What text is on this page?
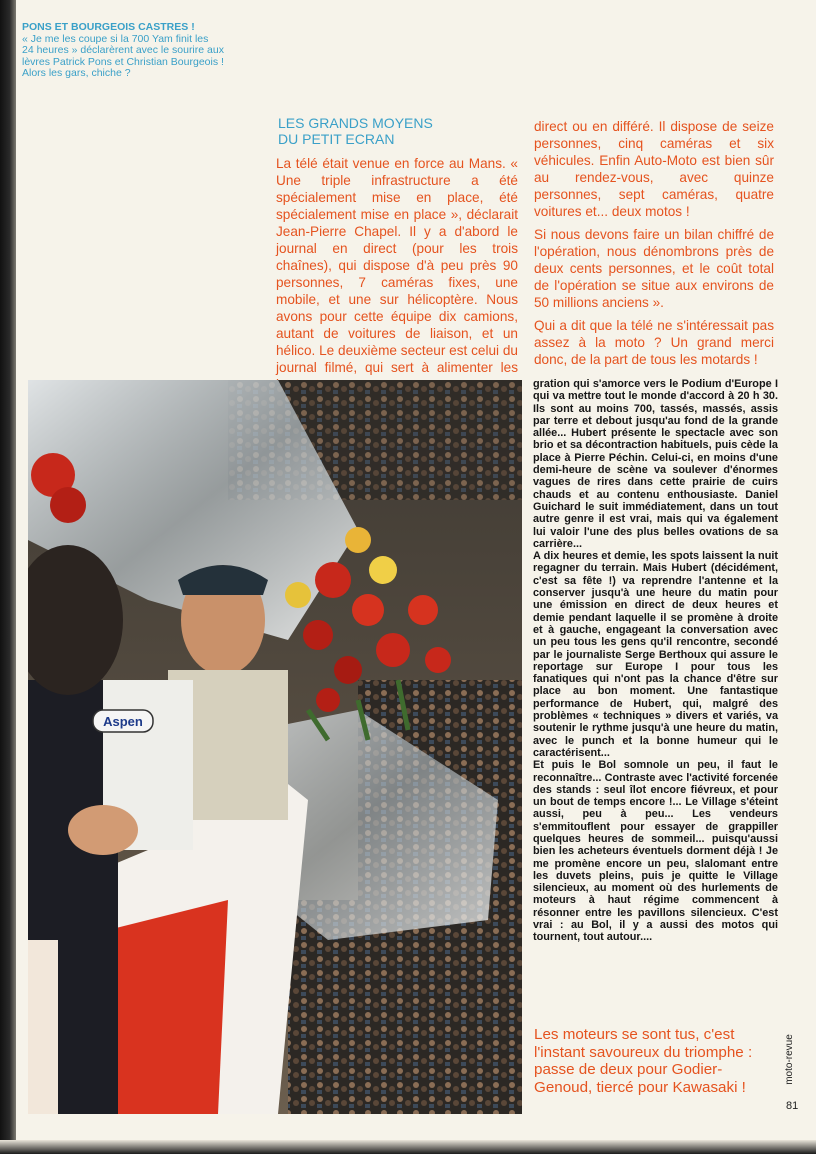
PONS ET BOURGEOIS CASTRES !
« Je me les coupe si la 700 Yam finit les
24 heures » déclarèrent avec le sourire aux
lèvres Patrick Pons et Christian Bourgeois !
Alors les gars, chiche ?
LES GRANDS MOYENS
DU PETIT ECRAN

La télé était venue en force au Mans. « Une triple infrastructure a été spécialement mise en place, été spécialement mise en place », déclarait Jean-Pierre Chapel. Il y a d'abord le journal en direct (pour les trois chaînes), qui dispose d'à peu près 90 personnes, 7 caméras fixes, une mobile, et une sur hélicoptère. Nous avons pour cette équipe dix camions, autant de voitures de liaison, et un hélico. Le deuxième secteur est celui du journal filmé, qui sert à alimenter les

direct ou en différé. Il dispose de seize personnes, cinq caméras et six véhicules. Enfin Auto-Moto est bien sûr au rendez-vous, avec quinze personnes, sept caméras, quatre voitures et... deux motos !

Si nous devons faire un bilan chiffré de l'opération, nous dénombrons près de deux cents personnes, et le coût total de l'opération se situe aux environs de 50 millions anciens ».

Qui a dit que la télé ne s'intéressait pas assez à la moto ? Un grand merci donc, de la part de tous les motards !

Aspen

gration qui s'amorce vers le Podium d'Europe I qui va mettre tout le monde d'accord à 20 h 30. Ils sont au moins 700, tassés, massés, assis par terre et debout jusqu'au fond de la grande allée... Hubert présente le spectacle avec son brio et sa décontraction habituels, puis cède la place à Pierre Péchin. Celui-ci, en moins d'une demi-heure de scène va soulever d'énormes vagues de rires dans cette prairie de cuirs chauds et au contenu enthousiaste. Daniel Guichard le suit immédiatement, dans un tout autre genre il est vrai, mais qui va également lui valoir l'une des plus belles ovations de sa carrière...

A dix heures et demie, les spots laissent la nuit regagner du terrain. Mais Hubert (décidément, c'est sa fête !) va reprendre l'antenne et la conserver jusqu'à une heure du matin pour une émission en direct de deux heures et demie pendant laquelle il se promène à droite et à gauche, engageant la conversation avec un peu tous les gens qu'il rencontre, secondé par le journaliste Serge Berthoux qui assure le reportage sur Europe I pour tous les fanatiques qui n'ont pas la chance d'être sur place au bon moment. Une fantastique performance de Hubert, qui, malgré des problèmes « techniques » divers et variés, va soutenir le rythme jusqu'à une heure du matin, avec le punch et la bonne humeur qui le caractérisent...

Et puis le Bol somnole un peu, il faut le reconnaître... Contraste avec l'activité forcenée des stands : seul îlot encore fiévreux, et pour un bout de temps encore !... Le Village s'éteint aussi, peu à peu... Les vendeurs s'emmitouflent pour essayer de grappiller quelques heures de sommeil... puisqu'aussi bien les acheteurs éventuels dorment déjà ! Je me promène encore un peu, slalomant entre les duvets pleins, puis je quitte le Village silencieux, au moment où des hurlements de moteurs à haut régime commencent à résonner entre les pavillons silencieux. C'est vrai : au Bol, il y a aussi des motos qui tournent, tout autour....

Les moteurs se sont tus, c'est l'instant savoureux du triomphe : passe de deux pour Godier-Genoud, tiercé pour Kawasaki !
moto-revue
81
